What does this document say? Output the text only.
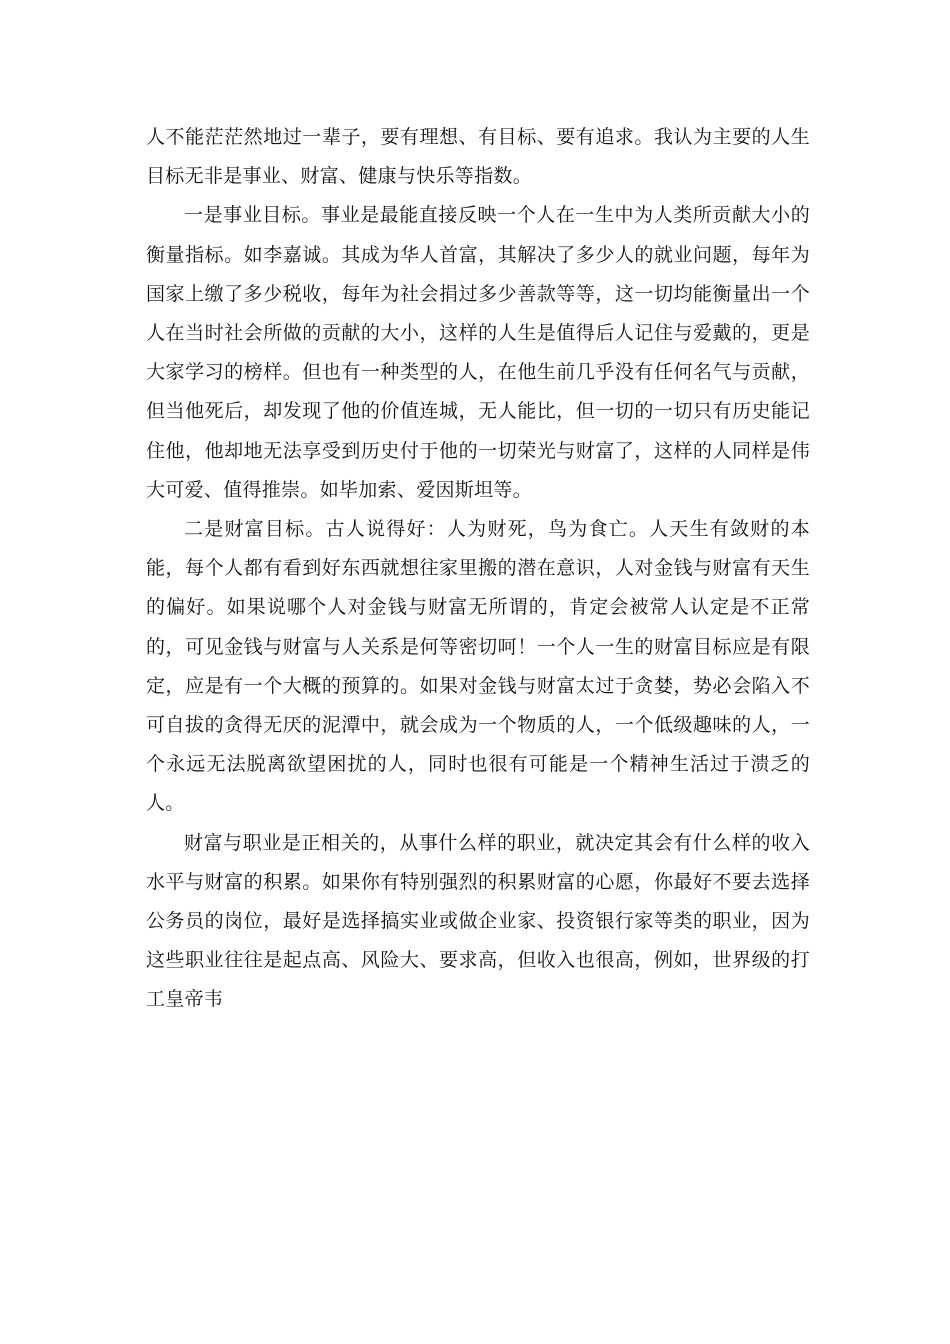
人不能茫茫然地过一辈子，要有理想、有目标、要有追求。我认为主要的人生目标无非是事业、财富、健康与快乐等指数。

一是事业目标。事业是最能直接反映一个人在一生中为人类所贡献大小的衡量指标。如李嘉诚。其成为华人首富，其解决了多少人的就业问题，每年为国家上缴了多少税收，每年为社会捐过多少善款等等，这一切均能衡量出一个人在当时社会所做的贡献的大小，这样的人生是值得后人记住与爱戴的，更是大家学习的榜样。但也有一种类型的人，在他生前几乎没有任何名气与贡献，但当他死后，却发现了他的价值连城，无人能比，但一切的一切只有历史能记住他，他却地无法享受到历史付于他的一切荣光与财富了，这样的人同样是伟大可爱、值得推崇。如毕加索、爱因斯坦等。

二是财富目标。古人说得好：人为财死，鸟为食亡。人天生有敛财的本能，每个人都有看到好东西就想往家里搬的潜在意识，人对金钱与财富有天生的偏好。如果说哪个人对金钱与财富无所谓的，肯定会被常人认定是不正常的，可见金钱与财富与人关系是何等密切呵！一个人一生的财富目标应是有限定，应是有一个大概的预算的。如果对金钱与财富太过于贪婪，势必会陷入不可自拔的贪得无厌的泥潭中，就会成为一个物质的人，一个低级趣味的人，一个永远无法脱离欲望困扰的人，同时也很有可能是一个精神生活过于溃乏的人。

财富与职业是正相关的，从事什么样的职业，就决定其会有什么样的收入水平与财富的积累。如果你有特别强烈的积累财富的心愿，你最好不要去选择公务员的岗位，最好是选择搞实业或做企业家、投资银行家等类的职业，因为这些职业往往是起点高、风险大、要求高，但收入也很高，例如，世界级的打工皇帝韦
